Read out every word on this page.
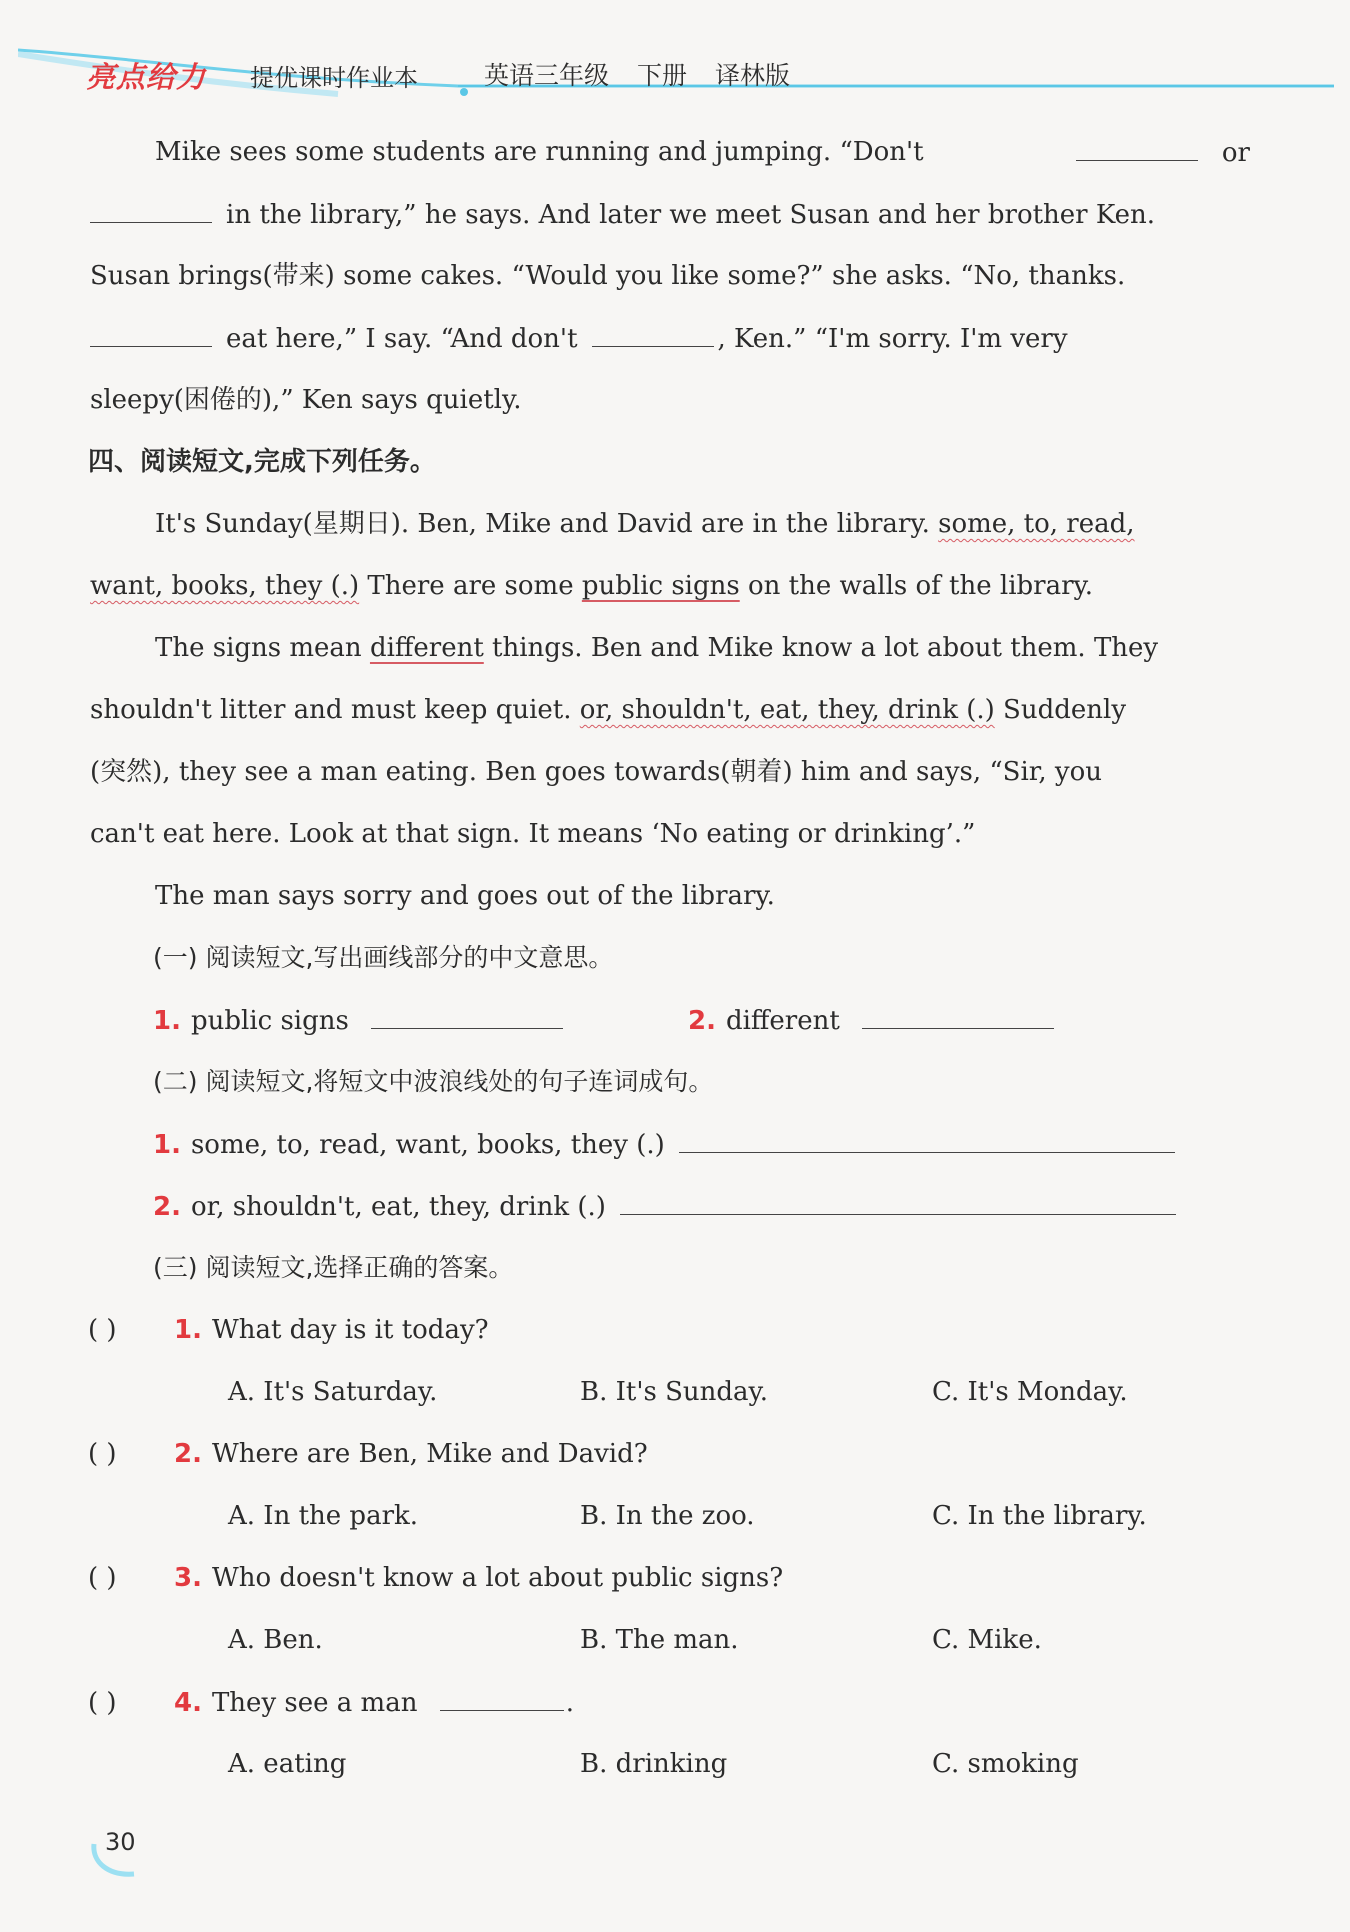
亮点给力 提优课时作业本	英语三年级 下册 译林版
Mike sees some students are running and jumping. “Don't	or
in the library,” he says. And later we meet Susan and her brother Ken.
Susan brings(带来) some cakes. “Would you like some?” she asks. “No, thanks.
eat here,” I say. “And don't	, Ken.” “I'm sorry. I'm very
sleepy(困倦的),” Ken says quietly.
四、阅读短文,完成下列任务。
It's Sunday(星期日). Ben, Mike and David are in the library. some, to, read,
want, books, they (.) There are some public signs on the walls of the library.
The signs mean different things. Ben and Mike know a lot about them. They
shouldn't litter and must keep quiet. or, shouldn't, eat, they, drink (.) Suddenly
(突然), they see a man eating. Ben goes towards(朝着) him and says, “Sir, you
can't eat here. Look at that sign. It means ‘No eating or drinking’.”
The man says sorry and goes out of the library.
(一) 阅读短文,写出画线部分的中文意思。
1. public signs	2. different
(二) 阅读短文,将短文中波浪线处的句子连词成句。
1. some, to, read, want, books, they (.)
2. or, shouldn't, eat, they, drink (.)
(三) 阅读短文,选择正确的答案。
( ) 1. What day is it today?
A. It's Saturday.	B. It's Sunday.	C. It's Monday.
( ) 2. Where are Ben, Mike and David?
A. In the park.	B. In the zoo.	C. In the library.
( ) 3. Who doesn't know a lot about public signs?
A. Ben.	B. The man.	C. Mike.
( ) 4. They see a man	.
A. eating	B. drinking	C. smoking
30
